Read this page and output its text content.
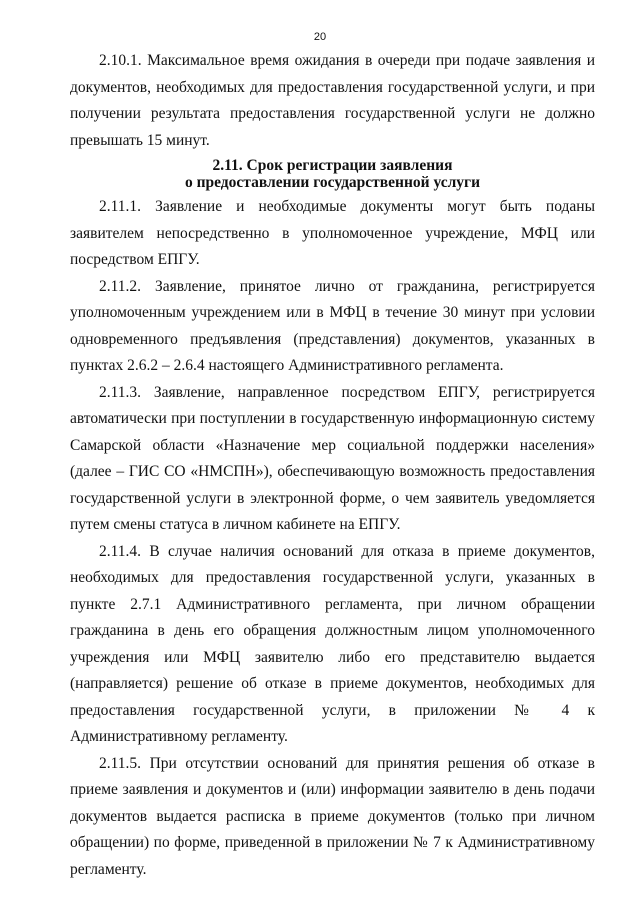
20

2.10.1. Максимальное время ожидания в очереди при подаче заявления и документов, необходимых для предоставления государственной услуги, и при получении результата предоставления государственной услуги не должно превышать 15 минут.

2.11. Срок регистрации заявления
о предоставлении государственной услуги

2.11.1. Заявление и необходимые документы могут быть поданы заявителем непосредственно в уполномоченное учреждение, МФЦ или посредством ЕПГУ.

2.11.2. Заявление, принятое лично от гражданина, регистрируется уполномоченным учреждением или в МФЦ в течение 30 минут при условии одновременного предъявления (представления) документов, указанных в пунктах 2.6.2 – 2.6.4 настоящего Административного регламента.

2.11.3. Заявление, направленное посредством ЕПГУ, регистрируется автоматически при поступлении в государственную информационную систему Самарской области «Назначение мер социальной поддержки населения» (далее – ГИС СО «НМСПН»), обеспечивающую возможность предоставления государственной услуги в электронной форме, о чем заявитель уведомляется путем смены статуса в личном кабинете на ЕПГУ.

2.11.4. В случае наличия оснований для отказа в приеме документов, необходимых для предоставления государственной услуги, указанных в пункте 2.7.1 Административного регламента, при личном обращении гражданина в день его обращения должностным лицом уполномоченного учреждения или МФЦ заявителю либо его представителю выдается (направляется) решение об отказе в приеме документов, необходимых для предоставления государственной услуги, в приложении № 4 к Административному регламенту.

2.11.5. При отсутствии оснований для принятия решения об отказе в приеме заявления и документов и (или) информации заявителю в день подачи документов выдается расписка в приеме документов (только при личном обращении) по форме, приведенной в приложении № 7 к Административному регламенту.
